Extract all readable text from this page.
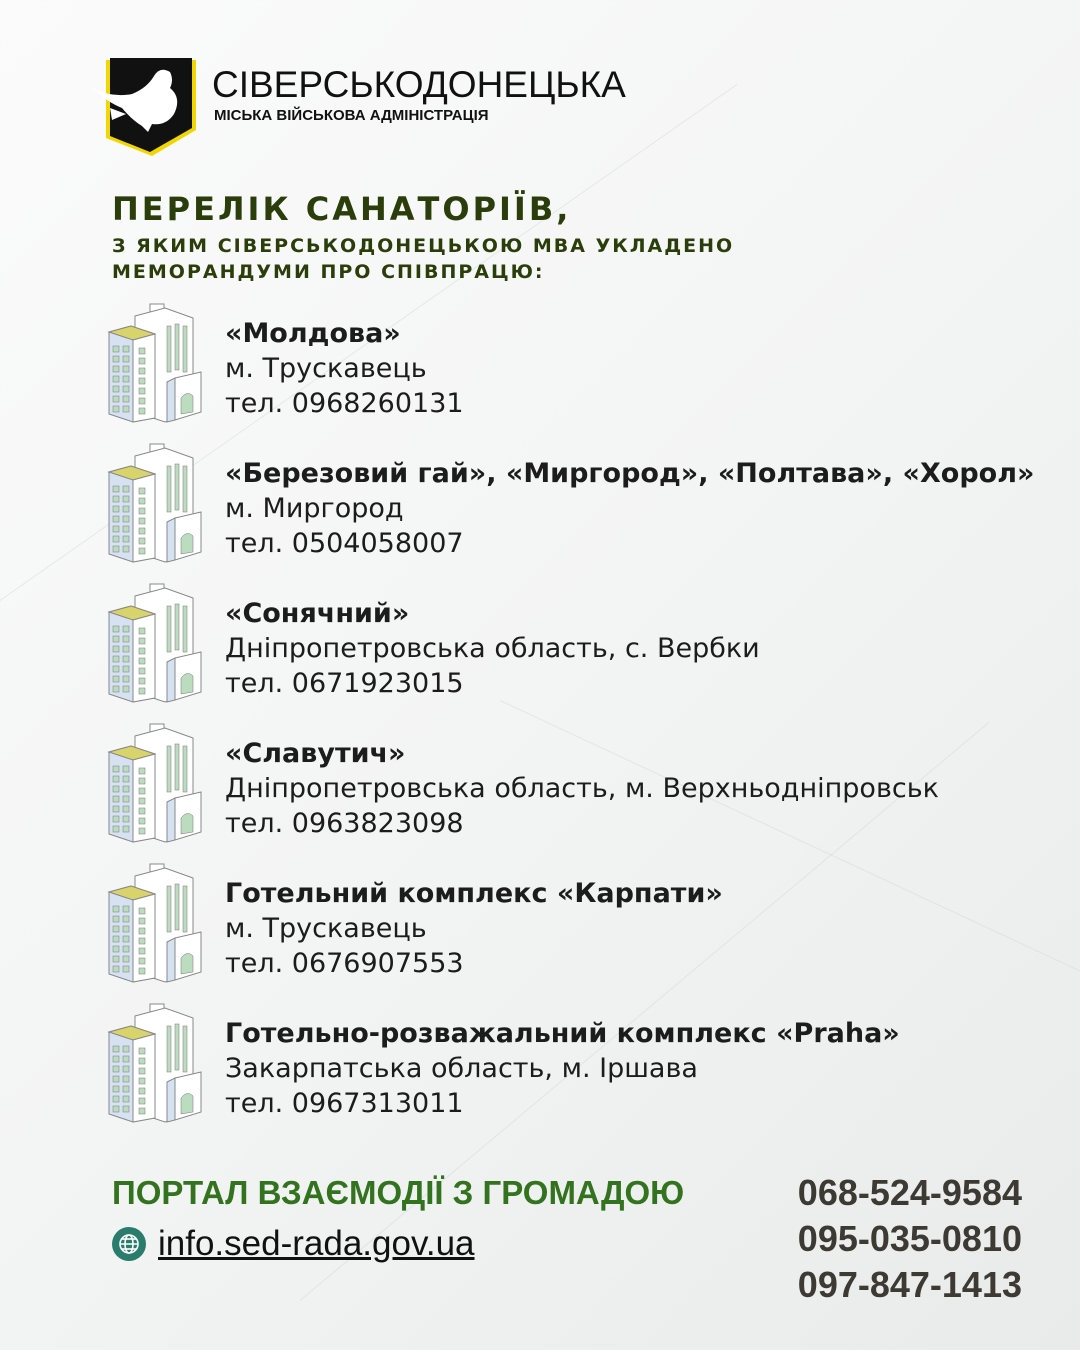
СІВЕРСЬКОДОНЕЦЬКА
МІСЬКА ВІЙСЬКОВА АДМІНІСТРАЦІЯ
ПЕРЕЛІК САНАТОРІЇВ,
З ЯКИМ СІВЕРСЬКОДОНЕЦЬКОЮ МВА УКЛАДЕНО
МЕМОРАНДУМИ ПРО СПІВПРАЦЮ:
«Молдова»
м. Трускавець
тел. 0968260131
«Березовий гай», «Миргород», «Полтава», «Хорол»
м. Миргород
тел. 0504058007
«Сонячний»
Дніпропетровська область, с. Вербки
тел. 0671923015
«Славутич»
Дніпропетровська область, м. Верхньодніпровськ
тел. 0963823098
Готельний комплекс «Карпати»
м. Трускавець
тел. 0676907553
Готельно-розважальний комплекс «Praha»
Закарпатська область, м. Іршава
тел. 0967313011
ПОРТАЛ ВЗАЄМОДІЇ З ГРОМАДОЮ
info.sed-rada.gov.ua
068-524-9584
095-035-0810
097-847-1413
